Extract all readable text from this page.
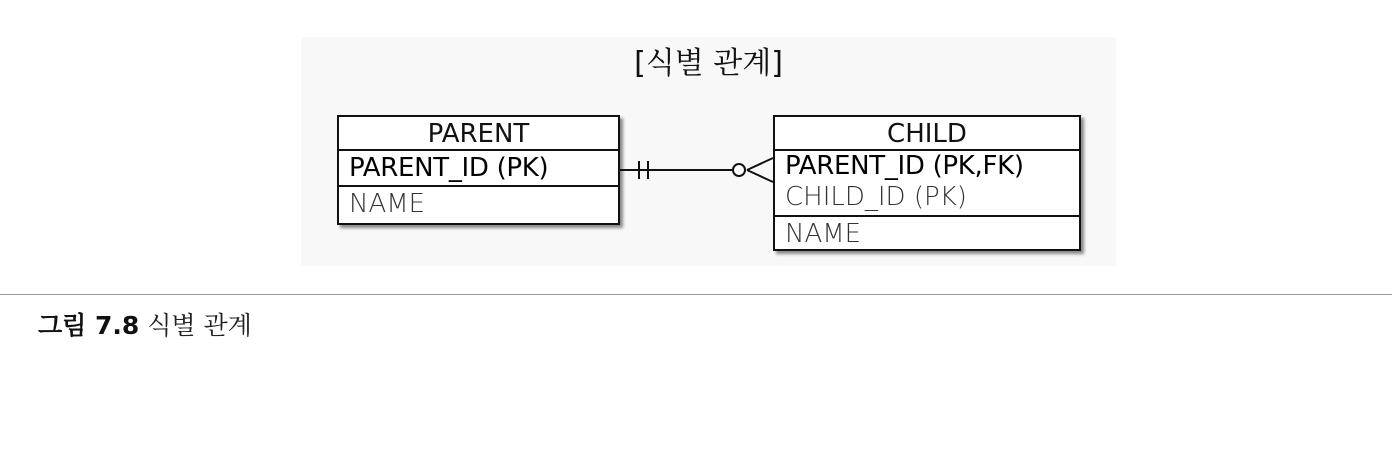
[식별 관계]
PARENT
PARENT_ID (PK)
NAME
CHILD
PARENT_ID (PK,FK)
CHILD_ID (PK)
NAME
그림 7.8 식별 관계
